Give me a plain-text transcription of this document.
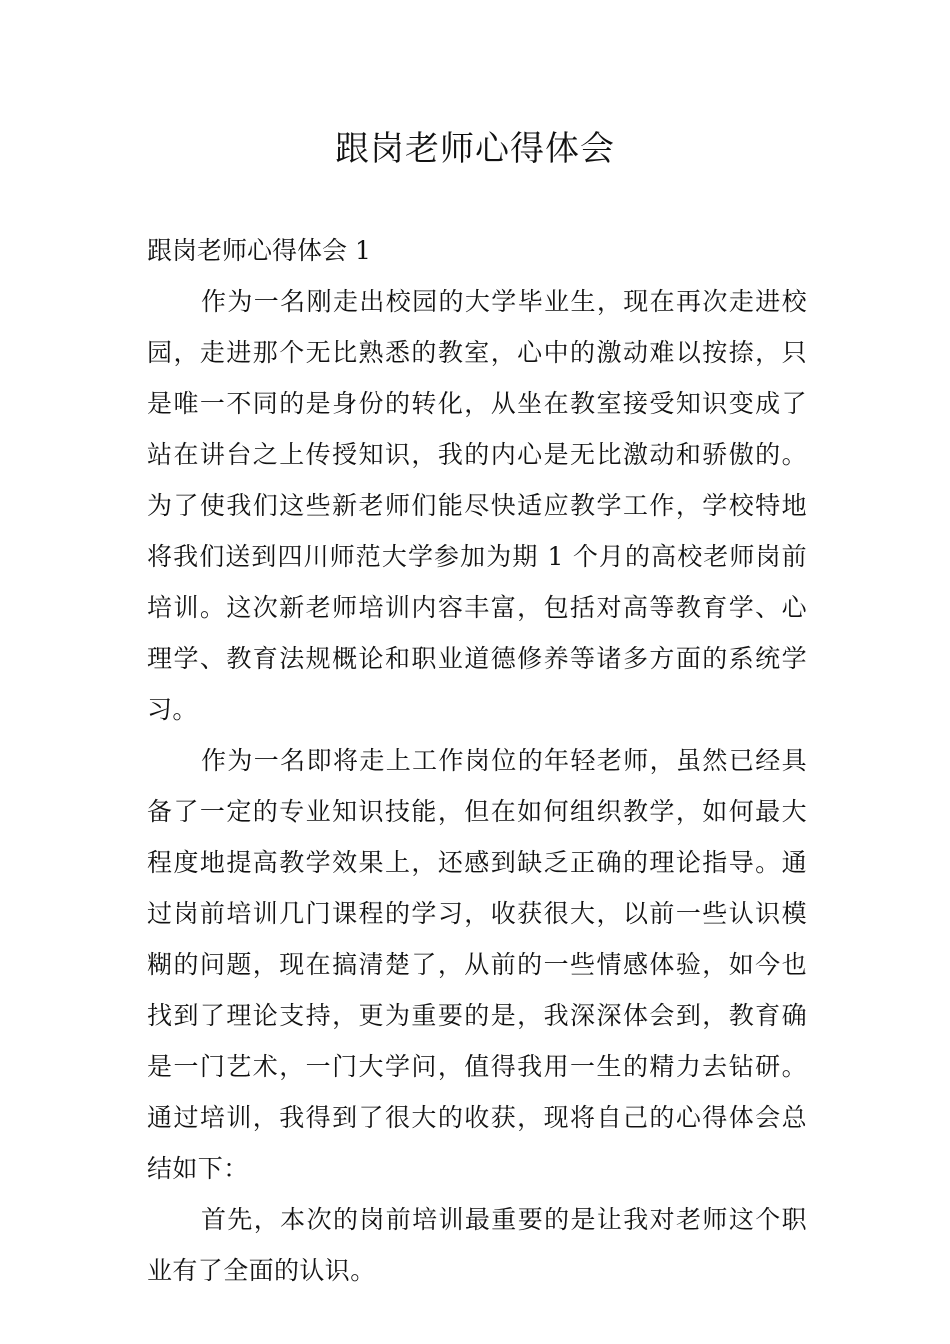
跟岗老师心得体会

跟岗老师心得体会 1

作为一名刚走出校园的大学毕业生，现在再次走进校园，走进那个无比熟悉的教室，心中的激动难以按捺，只是唯一不同的是身份的转化，从坐在教室接受知识变成了站在讲台之上传授知识，我的内心是无比激动和骄傲的。为了使我们这些新老师们能尽快适应教学工作，学校特地将我们送到四川师范大学参加为期 1 个月的高校老师岗前培训。这次新老师培训内容丰富，包括对高等教育学、心理学、教育法规概论和职业道德修养等诸多方面的系统学习。

作为一名即将走上工作岗位的年轻老师，虽然已经具备了一定的专业知识技能，但在如何组织教学，如何最大程度地提高教学效果上，还感到缺乏正确的理论指导。通过岗前培训几门课程的学习，收获很大，以前一些认识模糊的问题，现在搞清楚了，从前的一些情感体验，如今也找到了理论支持，更为重要的是，我深深体会到，教育确是一门艺术，一门大学问，值得我用一生的精力去钻研。通过培训，我得到了很大的收获，现将自己的心得体会总结如下：

首先，本次的岗前培训最重要的是让我对老师这个职业有了全面的认识。
